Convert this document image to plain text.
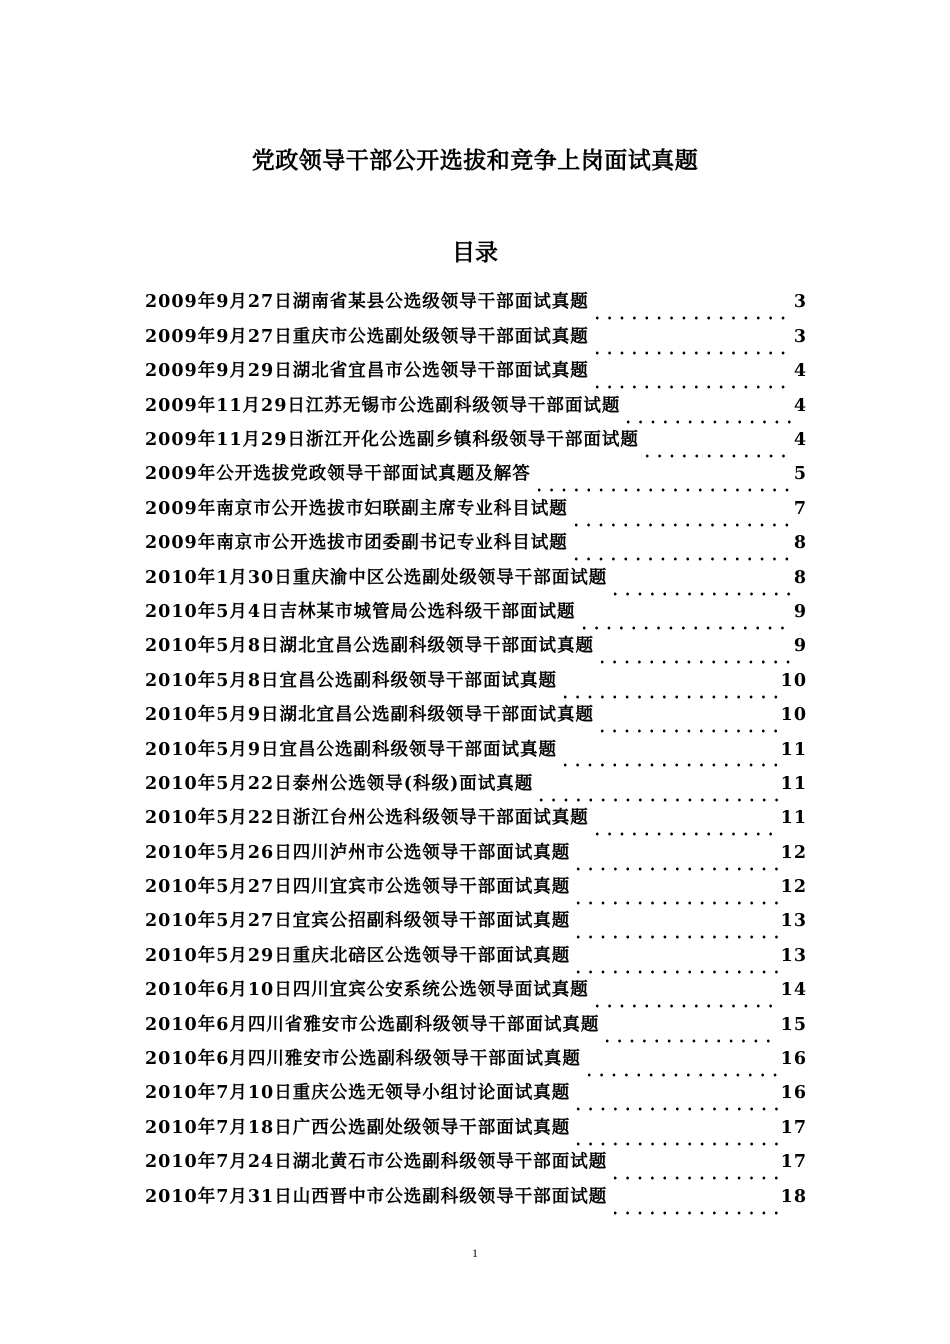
党政领导干部公开选拔和竞争上岗面试真题
目录
2009年9月27日湖南省某县公选级领导干部面试真题	3
2009年9月27日重庆市公选副处级领导干部面试真题	3
2009年9月29日湖北省宜昌市公选领导干部面试真题	4
2009年11月29日江苏无锡市公选副科级领导干部面试题	4
2009年11月29日浙江开化公选副乡镇科级领导干部面试题	4
2009年公开选拔党政领导干部面试真题及解答	5
2009年南京市公开选拔市妇联副主席专业科目试题	7
2009年南京市公开选拔市团委副书记专业科目试题	8
2010年1月30日重庆渝中区公选副处级领导干部面试题	8
2010年5月4日吉林某市城管局公选科级干部面试题	9
2010年5月8日湖北宜昌公选副科级领导干部面试真题	9
2010年5月8日宜昌公选副科级领导干部面试真题	10
2010年5月9日湖北宜昌公选副科级领导干部面试真题	10
2010年5月9日宜昌公选副科级领导干部面试真题	11
2010年5月22日泰州公选领导(科级)面试真题	11
2010年5月22日浙江台州公选科级领导干部面试真题	11
2010年5月26日四川泸州市公选领导干部面试真题	12
2010年5月27日四川宜宾市公选领导干部面试真题	12
2010年5月27日宜宾公招副科级领导干部面试真题	13
2010年5月29日重庆北碚区公选领导干部面试真题	13
2010年6月10日四川宜宾公安系统公选领导面试真题	14
2010年6月四川省雅安市公选副科级领导干部面试真题	15
2010年6月四川雅安市公选副科级领导干部面试真题	16
2010年7月10日重庆公选无领导小组讨论面试真题	16
2010年7月18日广西公选副处级领导干部面试真题	17
2010年7月24日湖北黄石市公选副科级领导干部面试题	17
2010年7月31日山西晋中市公选副科级领导干部面试题	18
1
